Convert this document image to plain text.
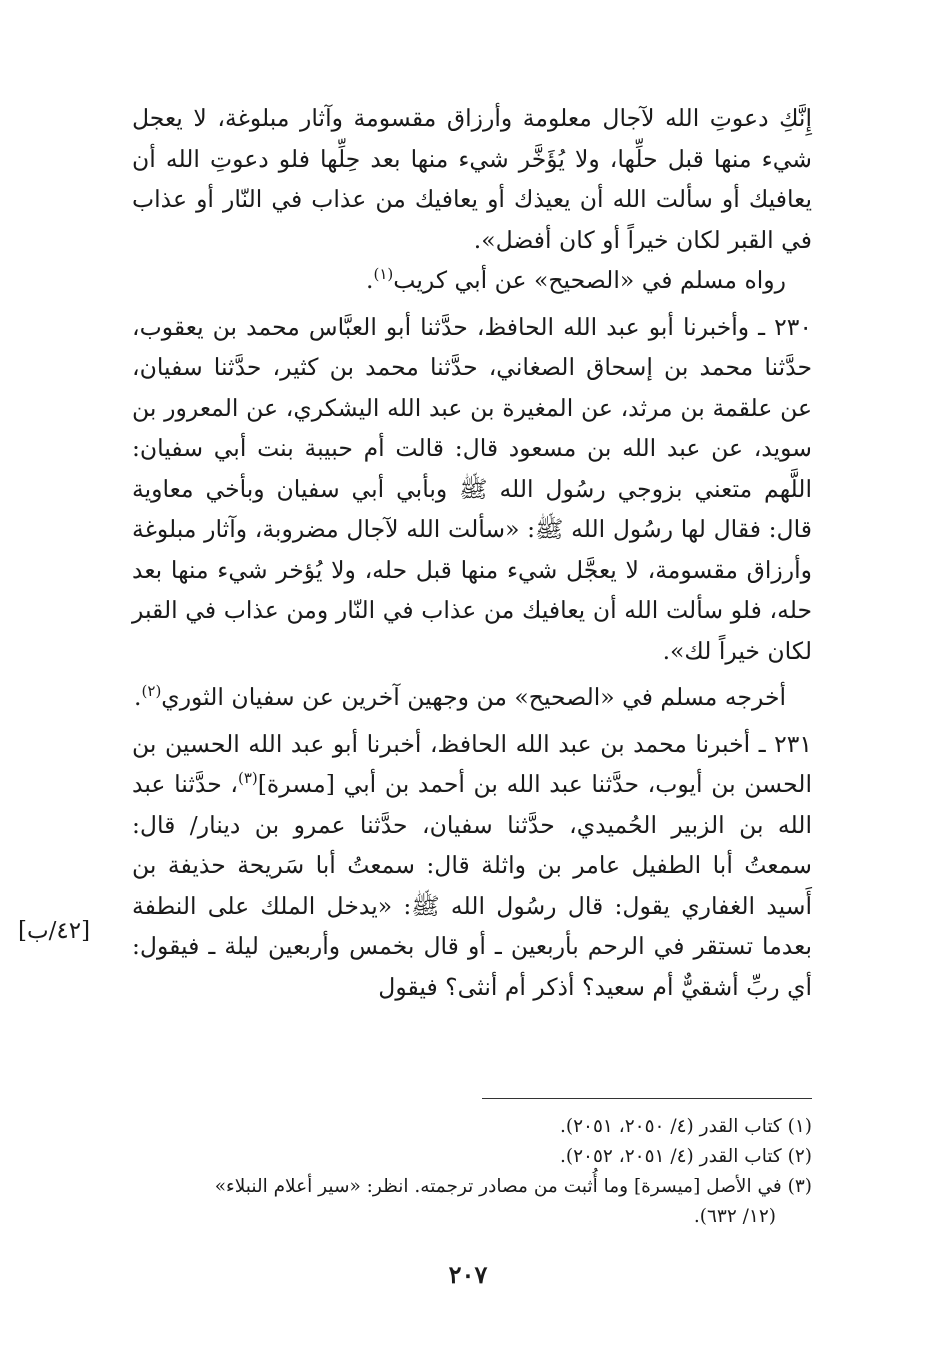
إِنَّكِ دعوتِ الله لآجال معلومة وأرزاق مقسومة وآثار مبلوغة، لا يعجل شيء منها قبل حلِّها، ولا يُؤَخَّر شيء منها بعد حِلِّها فلو دعوتِ الله أن يعافيك أو سألت الله أن يعيذك أو يعافيك من عذاب في النّار أو عذاب في القبر لكان خيراً أو كان أفضل».

رواه مسلم في «الصحيح» عن أبي كريب$^{(١)}$.

٢٣٠ ـ وأخبرنا أبو عبد الله الحافظ، حدَّثنا أبو العبَّاس محمد بن يعقوب، حدَّثنا محمد بن إسحاق الصغاني، حدَّثنا محمد بن كثير، حدَّثنا سفيان، عن علقمة بن مرثد، عن المغيرة بن عبد الله اليشكري، عن المعرور بن سويد، عن عبد الله بن مسعود قال: قالت أم حبيبة بنت أبي سفيان: اللَّهم متعني بزوجي رسُول الله ﷺ وبأبي أبي سفيان وبأخي معاوية قال: فقال لها رسُول الله ﷺ: «سألت الله لآجال مضروبة، وآثار مبلوغة وأرزاق مقسومة، لا يعجَّل شيء منها قبل حله، ولا يُؤخر شيء منها بعد حله، فلو سألت الله أن يعافيك من عذاب في النّار ومن عذاب في القبر لكان خيراً لك».

أخرجه مسلم في «الصحيح» من وجهين آخرين عن سفيان الثوري$^{(٢)}$.

٢٣١ ـ أخبرنا محمد بن عبد الله الحافظ، أخبرنا أبو عبد الله الحسين بن الحسن بن أيوب، حدَّثنا عبد الله بن أحمد بن أبي [مسرة]$^{(٣)}$، حدَّثنا عبد الله بن الزبير الحُميدي، حدَّثنا سفيان، حدَّثنا عمرو بن دينار/ قال: سمعتُ أبا الطفيل عامر بن واثلة قال: سمعتُ أبا سَريحة حذيفة بن أَسيد الغفاري يقول: قال رسُول الله ﷺ: «يدخل الملك على النطفة بعدما تستقر في الرحم بأربعين ـ أو قال بخمس وأربعين ليلة ـ فيقول: أي ربِّ أشقيٌّ أم سعيد؟ أذكر أم أنثى؟ فيقول

[٤٢/ب]

(١) كتاب القدر (٤/ ٢٠٥٠، ٢٠٥١).

(٢) كتاب القدر (٤/ ٢٠٥١، ٢٠٥٢).

(٣) في الأصل [ميسرة] وما أُثبت من مصادر ترجمته. انظر: «سير أعلام النبلاء»

(١٢/ ٦٣٢).

٢٠٧
